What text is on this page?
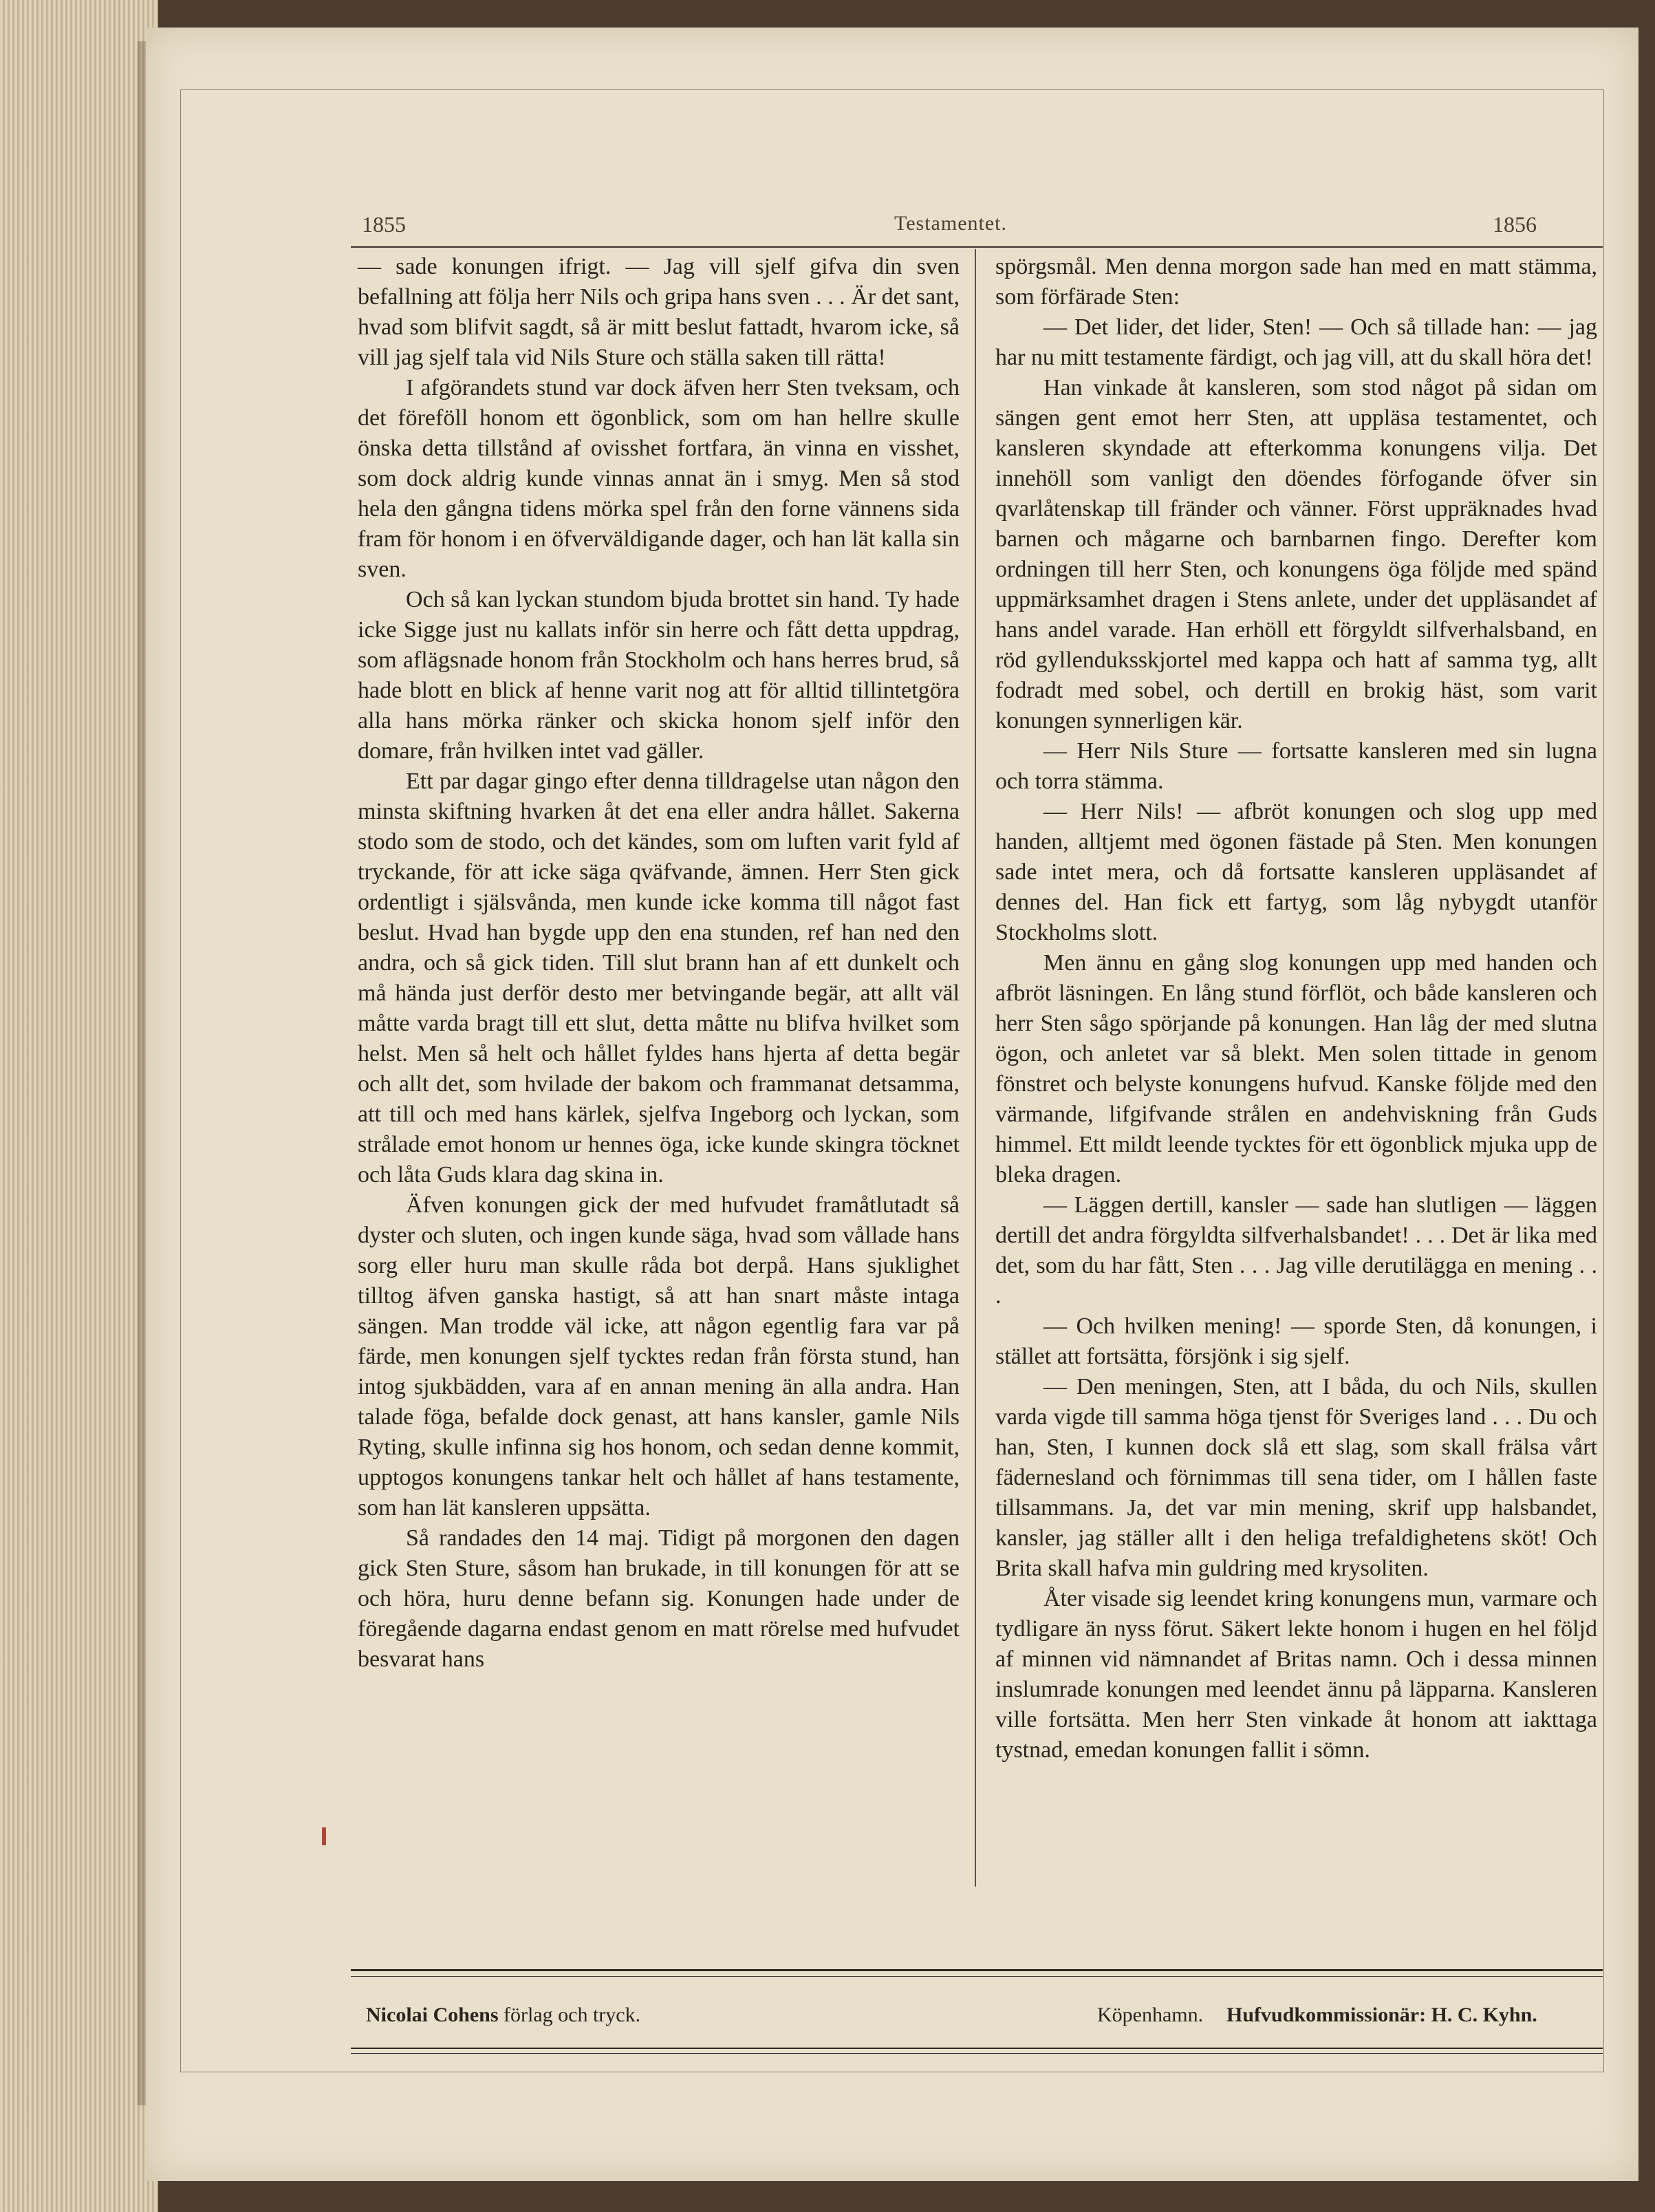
1855	Testamentet.	1856

— sade konungen ifrigt. — Jag vill sjelf gifva din sven befallning att följa herr Nils och gripa hans sven . . . Är det sant, hvad som blifvit sagdt, så är mitt beslut fattadt, hvarom icke, så vill jag sjelf tala vid Nils Sture och ställa saken till rätta!

I afgörandets stund var dock äfven herr Sten tveksam, och det föreföll honom ett ögonblick, som om han hellre skulle önska detta tillstånd af ovisshet fortfara, än vinna en visshet, som dock aldrig kunde vinnas annat än i smyg. Men så stod hela den gångna tidens mörka spel från den forne vännens sida fram för honom i en öfverväldigande dager, och han lät kalla sin sven.

Och så kan lyckan stundom bjuda brottet sin hand. Ty hade icke Sigge just nu kallats inför sin herre och fått detta uppdrag, som aflägsnade honom från Stockholm och hans herres brud, så hade blott en blick af henne varit nog att för alltid tillintetgöra alla hans mörka ränker och skicka honom sjelf inför den domare, från hvilken intet vad gäller.

Ett par dagar gingo efter denna tilldragelse utan någon den minsta skiftning hvarken åt det ena eller andra hållet. Sakerna stodo som de stodo, och det kändes, som om luften varit fyld af tryckande, för att icke säga qväfvande, ämnen. Herr Sten gick ordentligt i själsvånda, men kunde icke komma till något fast beslut. Hvad han bygde upp den ena stunden, ref han ned den andra, och så gick tiden. Till slut brann han af ett dunkelt och må hända just derför desto mer betvingande begär, att allt väl måtte varda bragt till ett slut, detta måtte nu blifva hvilket som helst. Men så helt och hållet fyldes hans hjerta af detta begär och allt det, som hvilade der bakom och frammanat detsamma, att till och med hans kärlek, sjelfva Ingeborg och lyckan, som strålade emot honom ur hennes öga, icke kunde skingra töcknet och låta Guds klara dag skina in.

Äfven konungen gick der med hufvudet framåtlutadt så dyster och sluten, och ingen kunde säga, hvad som vållade hans sorg eller huru man skulle råda bot derpå. Hans sjuklighet tilltog äfven ganska hastigt, så att han snart måste intaga sängen. Man trodde väl icke, att någon egentlig fara var på färde, men konungen sjelf tycktes redan från första stund, han intog sjukbädden, vara af en annan mening än alla andra. Han talade föga, befalde dock genast, att hans kansler, gamle Nils Ryting, skulle infinna sig hos honom, och sedan denne kommit, upptogos konungens tankar helt och hållet af hans testamente, som han lät kansleren uppsätta.

Så randades den 14 maj. Tidigt på morgonen den dagen gick Sten Sture, såsom han brukade, in till konungen för att se och höra, huru denne befann sig. Konungen hade under de föregående dagarna endast genom en matt rörelse med hufvudet besvarat hans

spörgsmål. Men denna morgon sade han med en matt stämma, som förfärade Sten:

— Det lider, det lider, Sten! — Och så tillade han: — jag har nu mitt testamente färdigt, och jag vill, att du skall höra det!

Han vinkade åt kansleren, som stod något på sidan om sängen gent emot herr Sten, att uppläsa testamentet, och kansleren skyndade att efterkomma konungens vilja. Det innehöll som vanligt den döendes förfogande öfver sin qvarlåtenskap till fränder och vänner. Först uppräknades hvad barnen och mågarne och barnbarnen fingo. Derefter kom ordningen till herr Sten, och konungens öga följde med spänd uppmärksamhet dragen i Stens anlete, under det uppläsandet af hans andel varade. Han erhöll ett förgyldt silfverhalsband, en röd gyllenduksskjortel med kappa och hatt af samma tyg, allt fodradt med sobel, och dertill en brokig häst, som varit konungen synnerligen kär.

— Herr Nils Sture — fortsatte kansleren med sin lugna och torra stämma.

— Herr Nils! — afbröt konungen och slog upp med handen, alltjemt med ögonen fästade på Sten. Men konungen sade intet mera, och då fortsatte kansleren uppläsandet af dennes del. Han fick ett fartyg, som låg nybygdt utanför Stockholms slott.

Men ännu en gång slog konungen upp med handen och afbröt läsningen. En lång stund förflöt, och både kansleren och herr Sten sågo spörjande på konungen. Han låg der med slutna ögon, och anletet var så blekt. Men solen tittade in genom fönstret och belyste konungens hufvud. Kanske följde med den värmande, lifgifvande strålen en andehviskning från Guds himmel. Ett mildt leende tycktes för ett ögonblick mjuka upp de bleka dragen.

— Läggen dertill, kansler — sade han slutligen — läggen dertill det andra förgyldta silfverhalsbandet! . . . Det är lika med det, som du har fått, Sten . . . Jag ville derutilägga en mening . . .

— Och hvilken mening! — sporde Sten, då konungen, i stället att fortsätta, försjönk i sig sjelf.

— Den meningen, Sten, att I båda, du och Nils, skullen varda vigde till samma höga tjenst för Sveriges land . . . Du och han, Sten, I kunnen dock slå ett slag, som skall frälsa vårt fädernesland och förnimmas till sena tider, om I hållen faste tillsammans. Ja, det var min mening, skrif upp halsbandet, kansler, jag ställer allt i den heliga trefaldighetens sköt! Och Brita skall hafva min guldring med krysoliten.

Åter visade sig leendet kring konungens mun, varmare och tydligare än nyss förut. Säkert lekte honom i hugen en hel följd af minnen vid nämnandet af Britas namn. Och i dessa minnen inslumrade konungen med leendet ännu på läpparna. Kansleren ville fortsätta. Men herr Sten vinkade åt honom att iakttaga tystnad, emedan konungen fallit i sömn.

Nicolai Cohens förlag och tryck.	Köpenhamn. Hufvudkommissionär: H. C. Kyhn.
